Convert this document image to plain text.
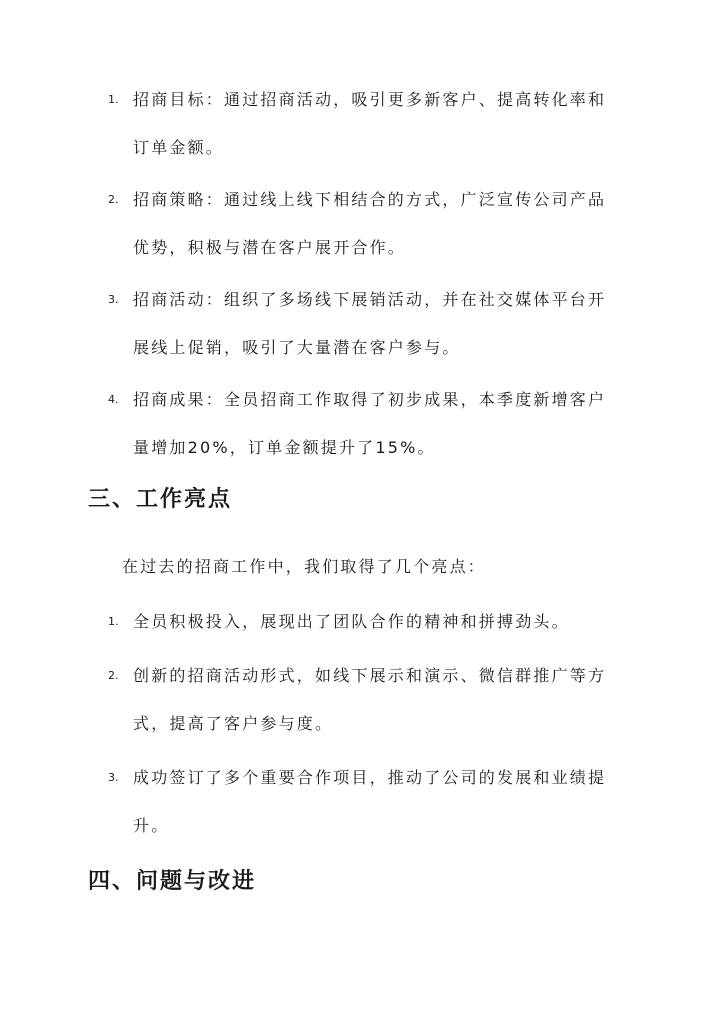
1. 招商目标：通过招商活动，吸引更多新客户、提高转化率和订单金额。
2. 招商策略：通过线上线下相结合的方式，广泛宣传公司产品优势，积极与潜在客户展开合作。
3. 招商活动：组织了多场线下展销活动，并在社交媒体平台开展线上促销，吸引了大量潜在客户参与。
4. 招商成果：全员招商工作取得了初步成果，本季度新增客户量增加20%，订单金额提升了15%。
三、工作亮点

在过去的招商工作中，我们取得了几个亮点：

1. 全员积极投入，展现出了团队合作的精神和拼搏劲头。
2. 创新的招商活动形式，如线下展示和演示、微信群推广等方式，提高了客户参与度。
3. 成功签订了多个重要合作项目，推动了公司的发展和业绩提升。
四、问题与改进
